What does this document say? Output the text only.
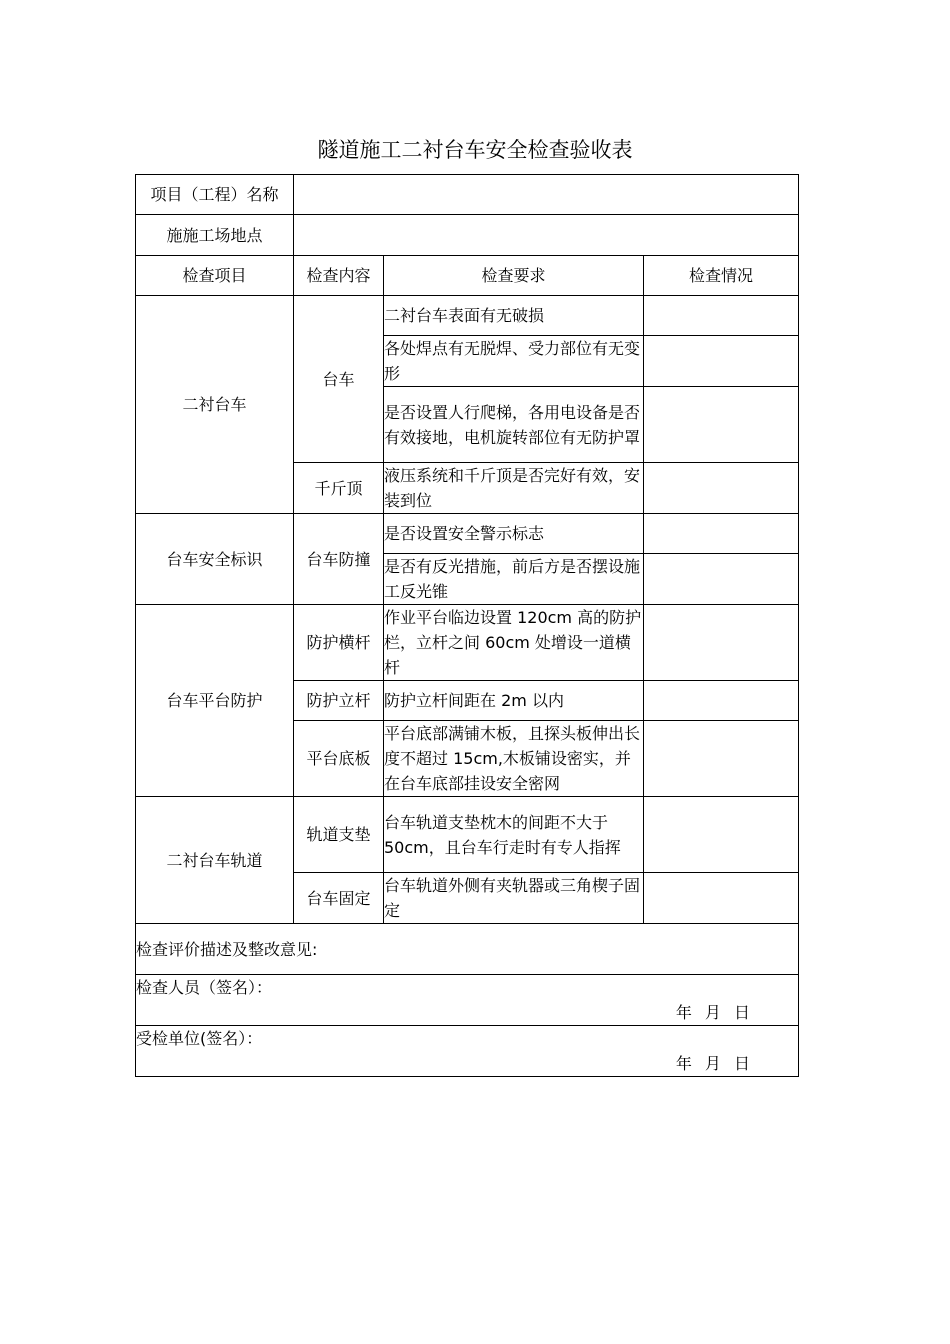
隧道施工二衬台车安全检查验收表
项目（工程）名称			
施施工场地点			
检查项目	检查内容	检查要求	检查情况
二衬台车	台车	二衬台车表面有无破损	
		各处焊点有无脱焊、受力部位有无变形	
		是否设置人行爬梯，各用电设备是否有效接地，电机旋转部位有无防护罩	
	千斤顶	液压系统和千斤顶是否完好有效，安装到位	
台车安全标识	台车防撞	是否设置安全警示标志	
		是否有反光措施，前后方是否摆设施工反光锥	
台车平台防护	防护横杆	作业平台临边设置 120cm 高的防护栏，立杆之间 60cm 处增设一道横杆	
	防护立杆	防护立杆间距在 2m 以内	
	平台底板	平台底部满铺木板，且探头板伸出长度不超过 15cm,木板铺设密实，并在台车底部挂设安全密网	
二衬台车轨道	轨道支垫	台车轨道支垫枕木的间距不大于 50cm，且台车行走时有专人指挥	
	台车固定	台车轨道外侧有夹轨器或三角楔子固定	

检查评价描述及整改意见:			

检查人员（签名）：
年 月 日			

受检单位(签名）：
年 月 日			
